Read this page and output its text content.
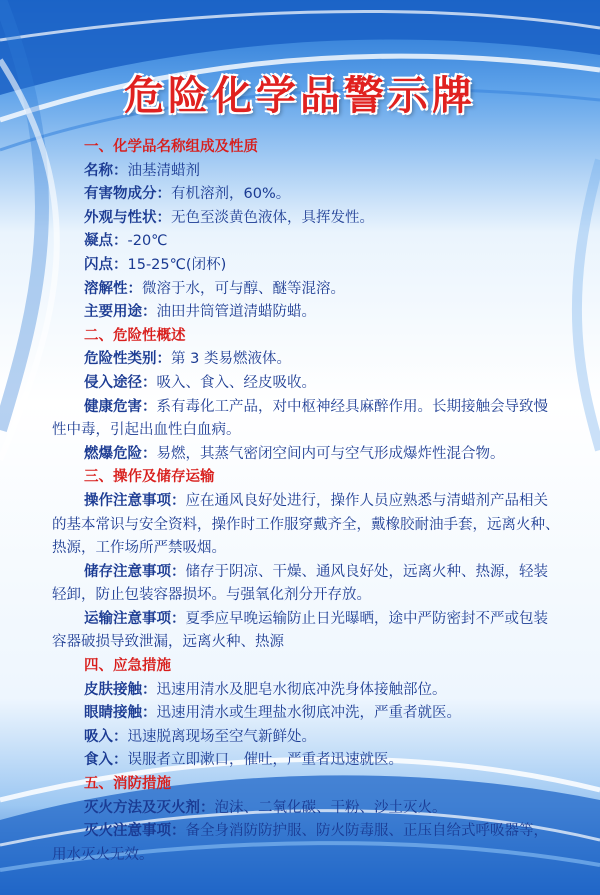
危险化学品警示牌
一、化学品名称组成及性质
名称：油基清蜡剂
有害物成分：有机溶剂，60%。
外观与性状：无色至淡黄色液体，具挥发性。
凝点：-20℃
闪点：15-25℃(闭杯)
溶解性：微溶于水，可与醇、醚等混溶。
主要用途：油田井筒管道清蜡防蜡。
二、危险性概述
危险性类别：第 3 类易燃液体。
侵入途径：吸入、食入、经皮吸收。
健康危害：系有毒化工产品，对中枢神经具麻醉作用。长期接触会导致慢性中毒，引起出血性白血病。
燃爆危险：易燃，其蒸气密闭空间内可与空气形成爆炸性混合物。
三、操作及储存运输
操作注意事项：应在通风良好处进行，操作人员应熟悉与清蜡剂产品相关的基本常识与安全资料，操作时工作服穿戴齐全，戴橡胶耐油手套，远离火种、热源，工作场所严禁吸烟。
储存注意事项：储存于阴凉、干燥、通风良好处，远离火种、热源，轻装轻卸，防止包装容器损坏。与强氧化剂分开存放。
运输注意事项：夏季应早晚运输防止日光曝晒，途中严防密封不严或包装容器破损导致泄漏，远离火种、热源
四、应急措施
皮肤接触：迅速用清水及肥皂水彻底冲洗身体接触部位。
眼睛接触：迅速用清水或生理盐水彻底冲洗，严重者就医。
吸入：迅速脱离现场至空气新鲜处。
食入：误服者立即漱口，催吐，严重者迅速就医。
五、消防措施
灭火方法及灭火剂：泡沫、二氧化碳、干粉、沙土灭火。
灭火注意事项：备全身消防防护服、防火防毒服、正压自给式呼吸器等，用水灭火无效。
